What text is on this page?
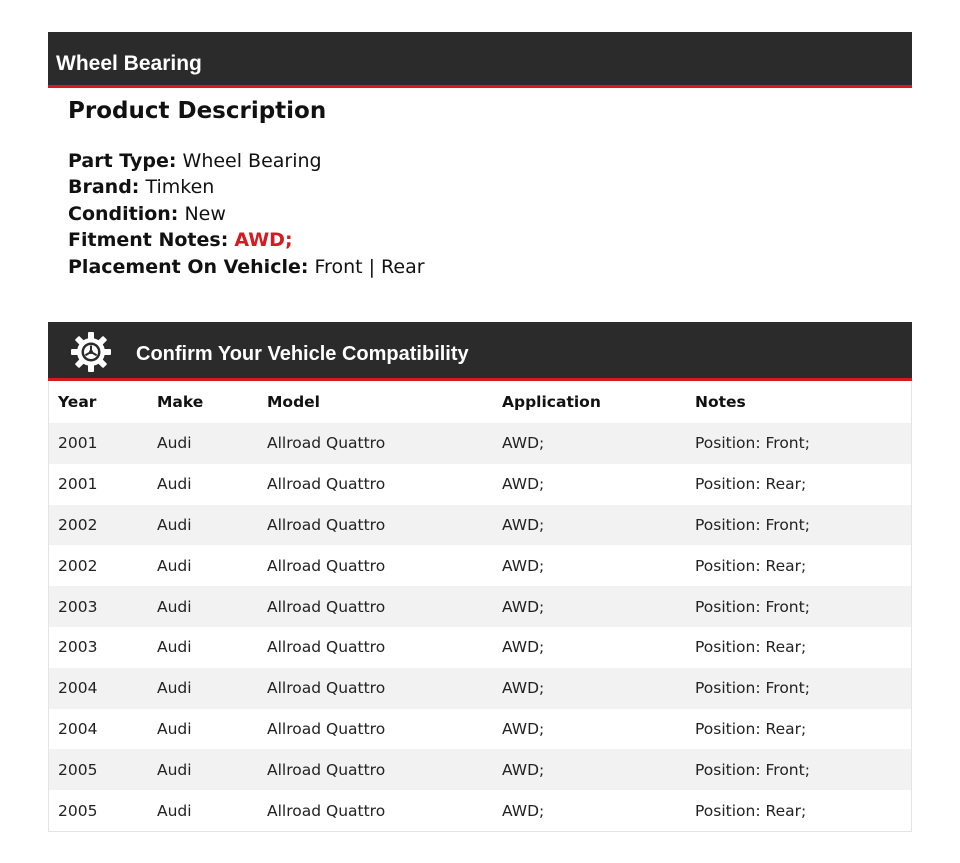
Wheel Bearing
Product Description
Part Type: Wheel Bearing
Brand: Timken
Condition: New
Fitment Notes: AWD;
Placement On Vehicle: Front | Rear
Confirm Your Vehicle Compatibility
Year	Make	Model	Application	Notes
2001	Audi	Allroad Quattro	AWD;	Position: Front;
2001	Audi	Allroad Quattro	AWD;	Position: Rear;
2002	Audi	Allroad Quattro	AWD;	Position: Front;
2002	Audi	Allroad Quattro	AWD;	Position: Rear;
2003	Audi	Allroad Quattro	AWD;	Position: Front;
2003	Audi	Allroad Quattro	AWD;	Position: Rear;
2004	Audi	Allroad Quattro	AWD;	Position: Front;
2004	Audi	Allroad Quattro	AWD;	Position: Rear;
2005	Audi	Allroad Quattro	AWD;	Position: Front;
2005	Audi	Allroad Quattro	AWD;	Position: Rear;
